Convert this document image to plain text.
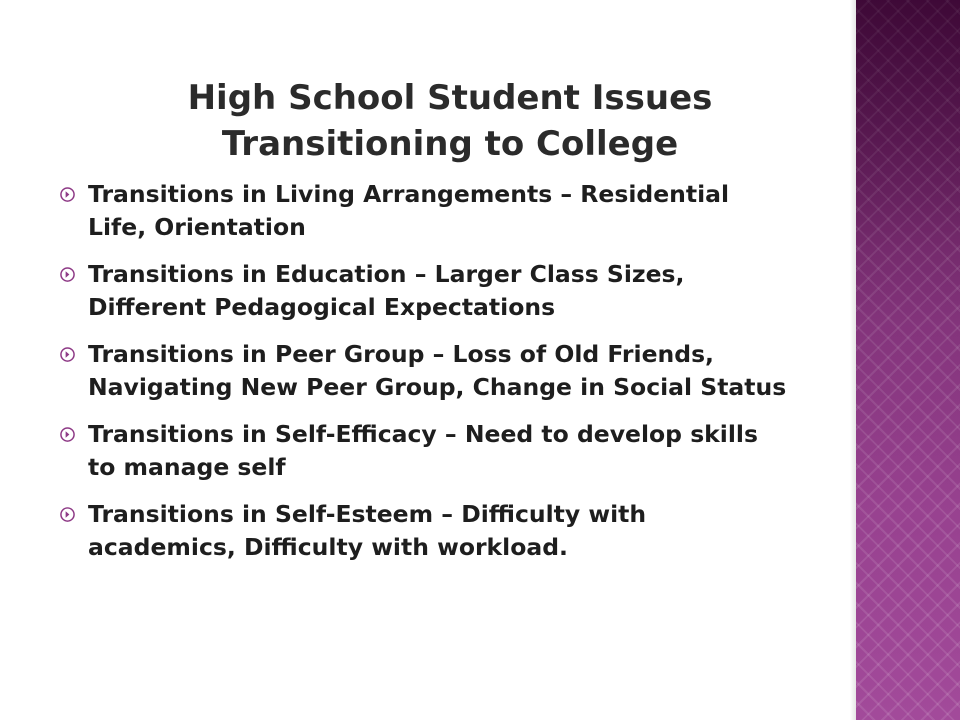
High School Student Issues
Transitioning to College
Transitions in Living Arrangements – Residential Life, Orientation
Transitions in Education – Larger Class Sizes, Different Pedagogical Expectations
Transitions in Peer Group – Loss of Old Friends, Navigating New Peer Group, Change in Social Status
Transitions in Self-Efficacy – Need to develop skills to manage self
Transitions in Self-Esteem – Difficulty with academics, Difficulty with workload.
